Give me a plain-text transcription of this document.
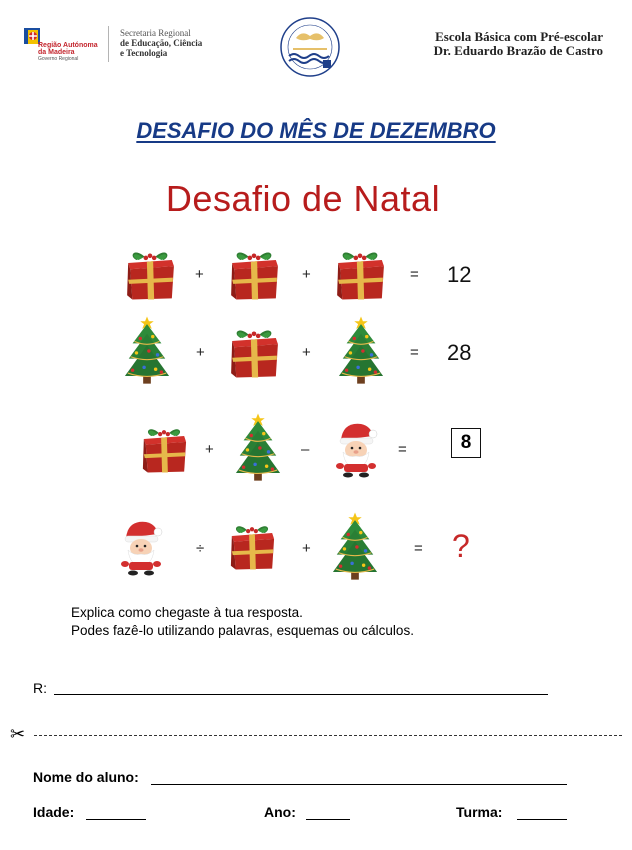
Região Autónoma
da Madeira
Governo Regional
Secretaria Regional
de Educação, Ciência
e Tecnologia
Escola Básica com Pré-escolar
Dr. Eduardo Brazão de Castro
DESAFIO DO MÊS DE DEZEMBRO
Desafio de Natal
+	+	= 12
+	+	= 28
+	–	=	8
÷	+	= ?
Explica como chegaste à tua resposta.
Podes fazê-lo utilizando palavras, esquemas ou cálculos.
R:
✂
Nome do aluno:
Idade:	Ano:	Turma:
